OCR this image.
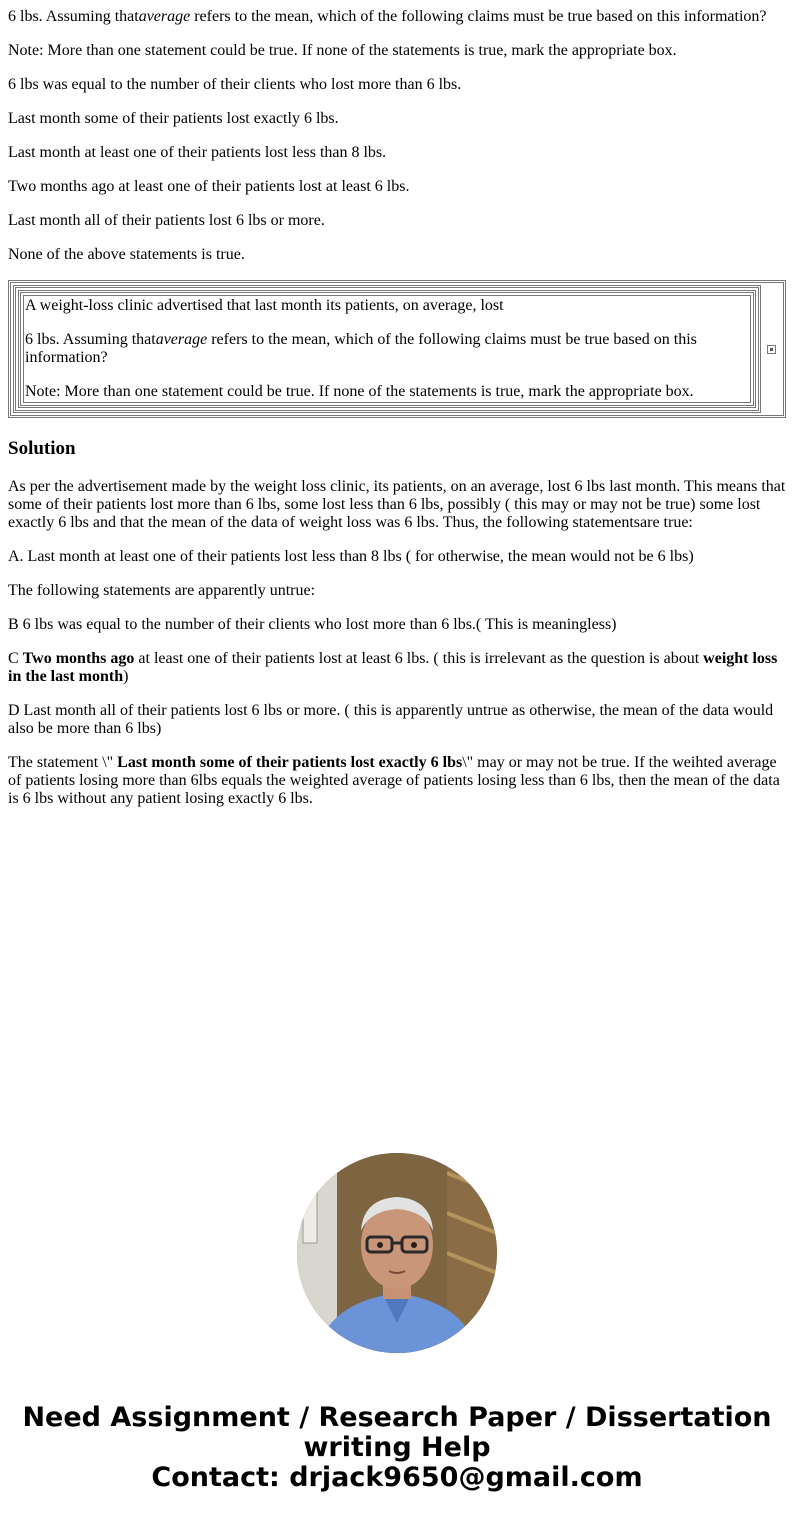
6 lbs. Assuming thataverage refers to the mean, which of the following claims must be true based on this information?

Note: More than one statement could be true. If none of the statements is true, mark the appropriate box.

6 lbs was equal to the number of their clients who lost more than 6 lbs.

Last month some of their patients lost exactly 6 lbs.

Last month at least one of their patients lost less than 8 lbs.

Two months ago at least one of their patients lost at least 6 lbs.

Last month all of their patients lost 6 lbs or more.

None of the above statements is true.

A weight-loss clinic advertised that last month its patients, on average, lost

6 lbs. Assuming thataverage refers to the mean, which of the following claims must be true based on this information?

Note: More than one statement could be true. If none of the statements is true, mark the appropriate box.

Solution

As per the advertisement made by the weight loss clinic, its patients, on an average, lost 6 lbs last month. This means that some of their patients lost more than 6 lbs, some lost less than 6 lbs, possibly ( this may or may not be true) some lost exactly 6 lbs and that the mean of the data of weight loss was 6 lbs. Thus, the following statementsare true:

A. Last month at least one of their patients lost less than 8 lbs ( for otherwise, the mean would not be 6 lbs)

The following statements are apparently untrue:

B 6 lbs was equal to the number of their clients who lost more than 6 lbs.( This is meaningless)

C Two months ago at least one of their patients lost at least 6 lbs. ( this is irrelevant as the question is about weight loss in the last month)

D Last month all of their patients lost 6 lbs or more. ( this is apparently untrue as otherwise, the mean of the data would also be more than 6 lbs)

The statement \" Last month some of their patients lost exactly 6 lbs\" may or may not be true. If the weihted average of patients losing more than 6lbs equals the weighted average of patients losing less than 6 lbs, then the mean of the data is 6 lbs without any patient losing exactly 6 lbs.

Need Assignment / Research Paper / Dissertation
writing Help
Contact: drjack9650@gmail.com
